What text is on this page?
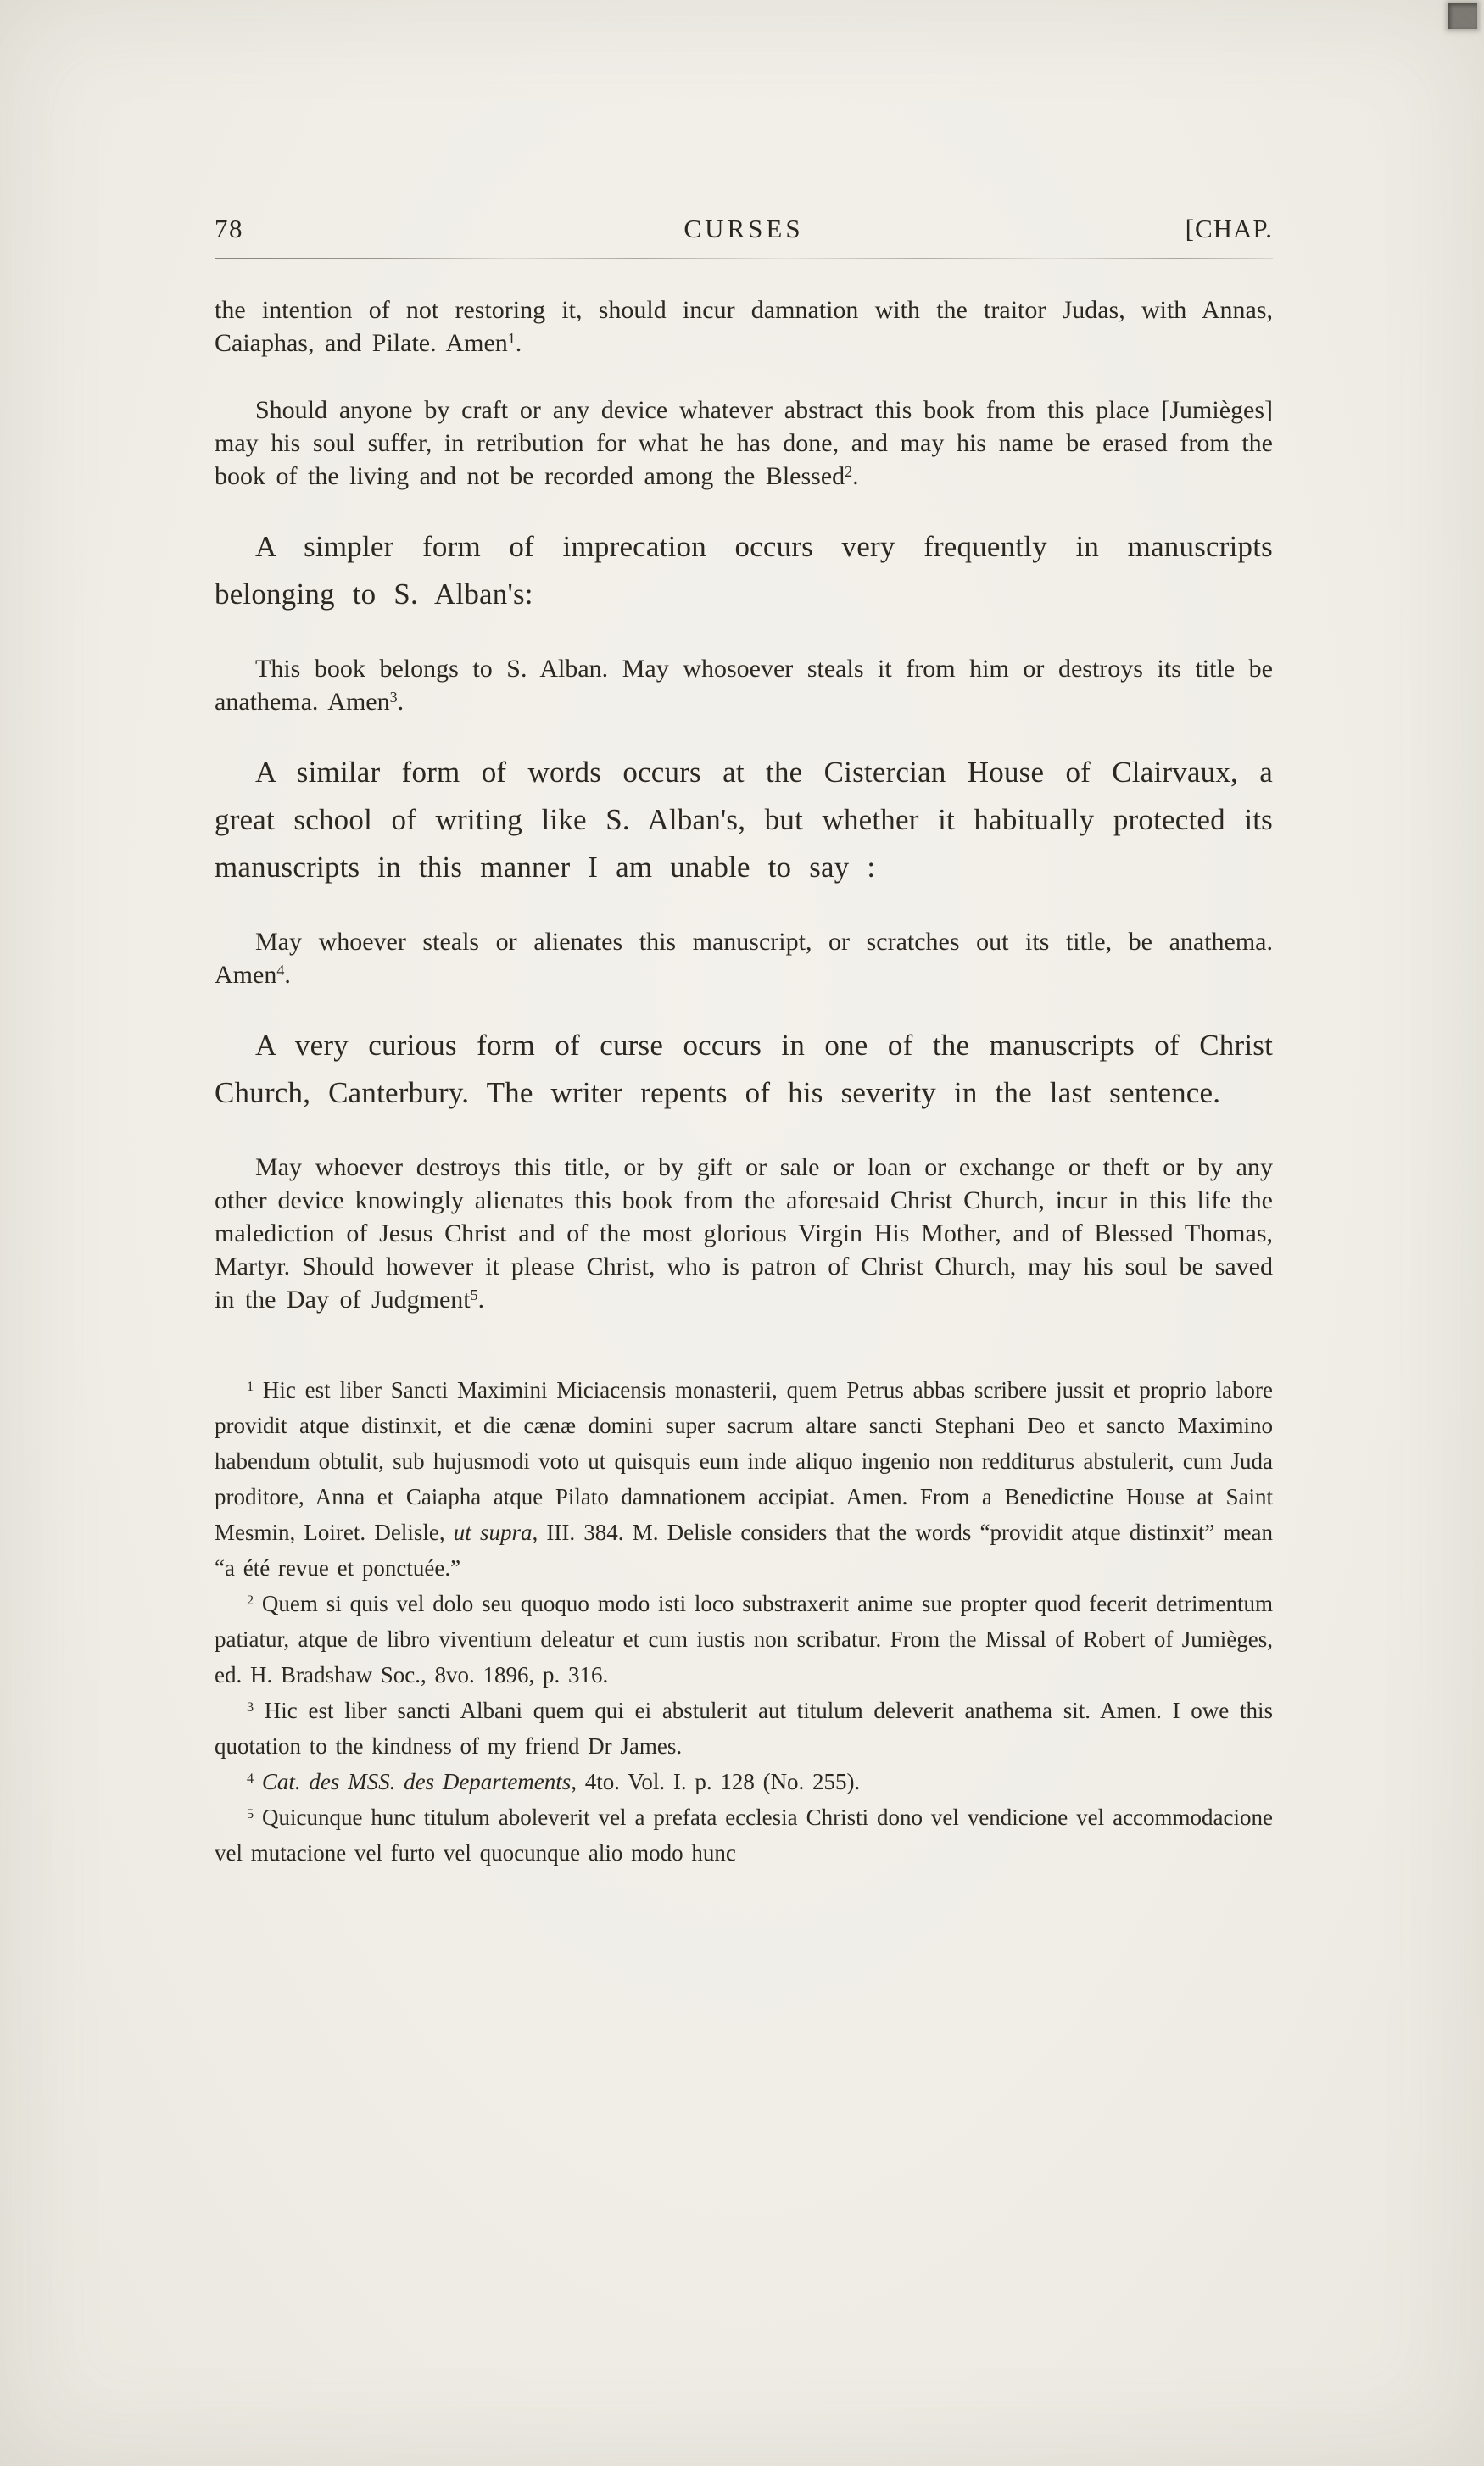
78	CURSES	[CHAP.

the intention of not restoring it, should incur damnation with the traitor Judas, with Annas, Caiaphas, and Pilate. Amen$^1$.

Should anyone by craft or any device whatever abstract this book from this place [Jumièges] may his soul suffer, in retribution for what he has done, and may his name be erased from the book of the living and not be recorded among the Blessed$^2$.

A simpler form of imprecation occurs very frequently in manuscripts belonging to S. Alban's:

This book belongs to S. Alban. May whosoever steals it from him or destroys its title be anathema. Amen$^3$.

A similar form of words occurs at the Cistercian House of Clairvaux, a great school of writing like S. Alban's, but whether it habitually protected its manuscripts in this manner I am unable to say :

May whoever steals or alienates this manuscript, or scratches out its title, be anathema. Amen$^4$.

A very curious form of curse occurs in one of the manuscripts of Christ Church, Canterbury. The writer repents of his severity in the last sentence.

May whoever destroys this title, or by gift or sale or loan or exchange or theft or by any other device knowingly alienates this book from the aforesaid Christ Church, incur in this life the malediction of Jesus Christ and of the most glorious Virgin His Mother, and of Blessed Thomas, Martyr. Should however it please Christ, who is patron of Christ Church, may his soul be saved in the Day of Judgment$^5$.

$^1$ Hic est liber Sancti Maximini Miciacensis monasterii, quem Petrus abbas scribere jussit et proprio labore providit atque distinxit, et die cænæ domini super sacrum altare sancti Stephani Deo et sancto Maximino habendum obtulit, sub hujusmodi voto ut quisquis eum inde aliquo ingenio non redditurus abstulerit, cum Juda proditore, Anna et Caiapha atque Pilato damnationem accipiat. Amen. From a Benedictine House at Saint Mesmin, Loiret. Delisle, ut supra, III. 384. M. Delisle considers that the words “providit atque distinxit” mean “a été revue et ponctuée.”

$^2$ Quem si quis vel dolo seu quoquo modo isti loco substraxerit anime sue propter quod fecerit detrimentum patiatur, atque de libro viventium deleatur et cum iustis non scribatur. From the Missal of Robert of Jumièges, ed. H. Bradshaw Soc., 8vo. 1896, p. 316.

$^3$ Hic est liber sancti Albani quem qui ei abstulerit aut titulum deleverit anathema sit. Amen. I owe this quotation to the kindness of my friend Dr James.

$^4$ Cat. des MSS. des Departements, 4to. Vol. I. p. 128 (No. 255).

$^5$ Quicunque hunc titulum aboleverit vel a prefata ecclesia Christi dono vel vendicione vel accommodacione vel mutacione vel furto vel quocunque alio modo hunc
